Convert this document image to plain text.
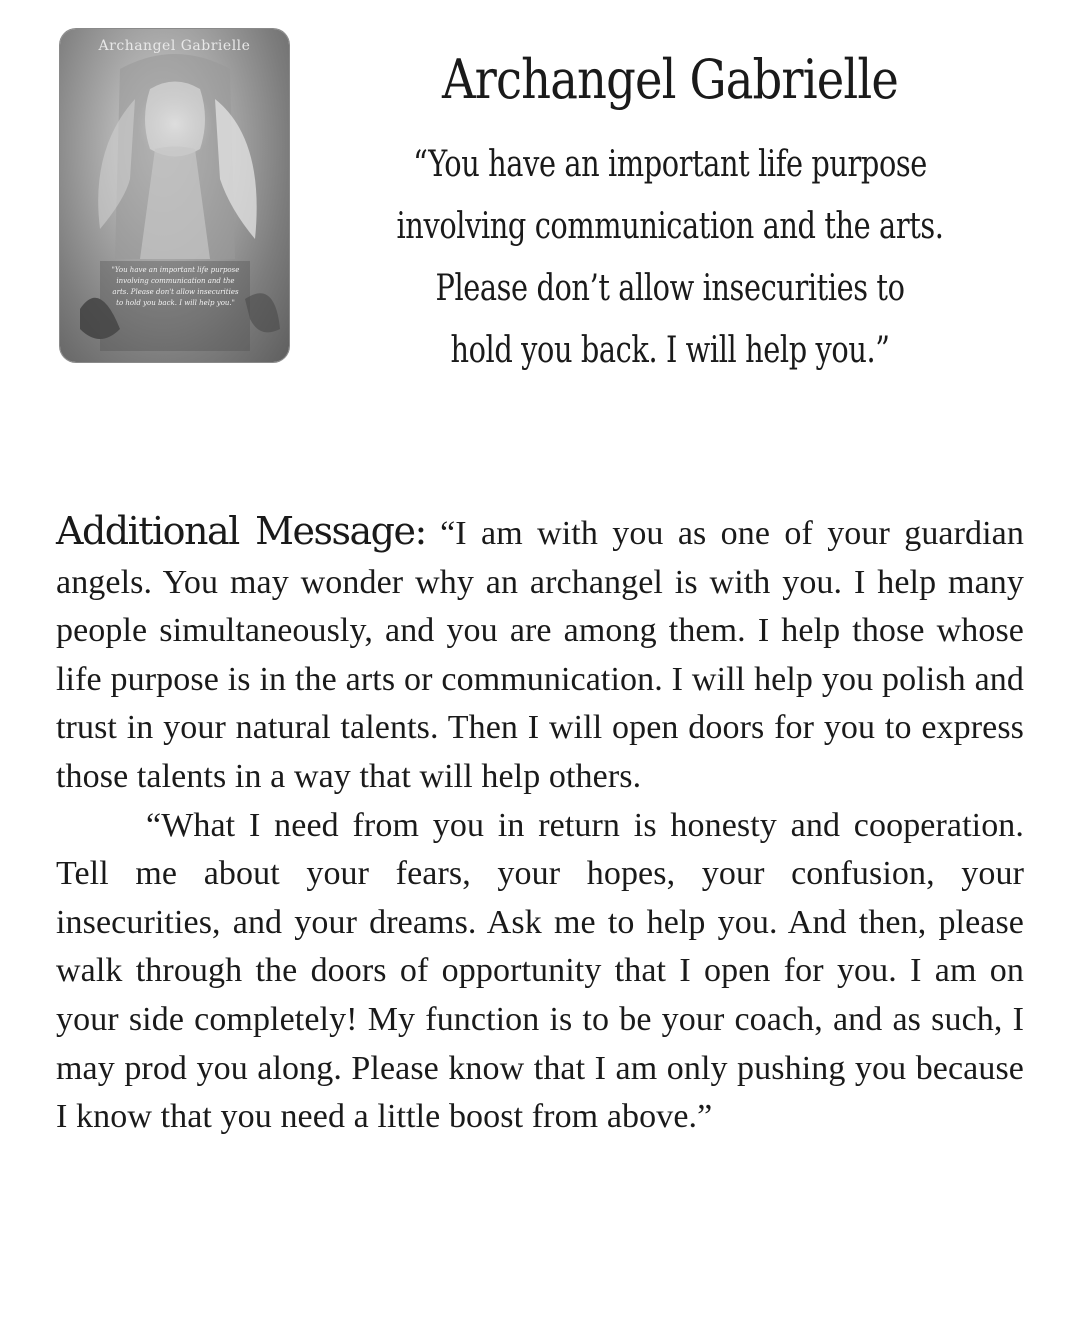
Archangel Gabrielle
"You have an important life purpose involving communication and the arts. Please don't allow insecurities to hold you back. I will help you."
Archangel Gabrielle
“You have an important life purpose
involving communication and the arts.
Please don’t allow insecurities to
hold you back. I will help you.”

Additional Message: “I am with you as one of your guardian angels. You may wonder why an archangel is with you. I help many people simultaneously, and you are among them. I help those whose life purpose is in the arts or communication. I will help you polish and trust in your natural talents. Then I will open doors for you to express those talents in a way that will help others.

“What I need from you in return is honesty and cooperation. Tell me about your fears, your hopes, your confusion, your insecurities, and your dreams. Ask me to help you. And then, please walk through the doors of opportunity that I open for you. I am on your side completely! My function is to be your coach, and as such, I may prod you along. Please know that I am only pushing you because I know that you need a little boost from above.”
